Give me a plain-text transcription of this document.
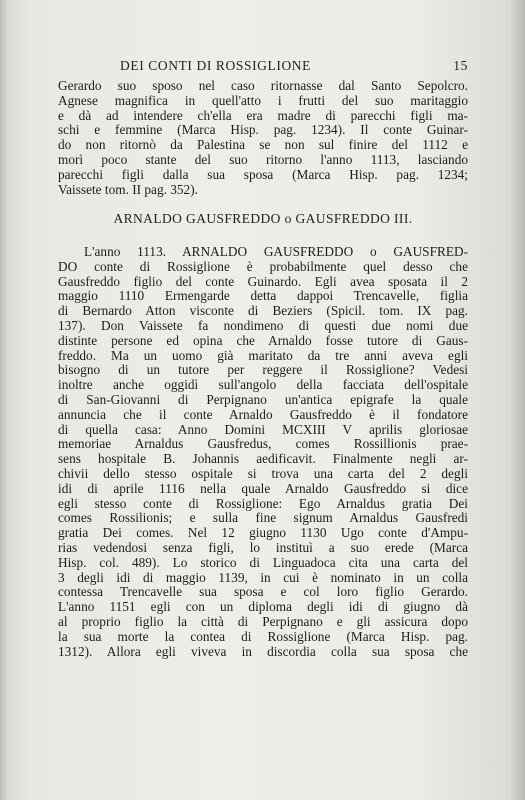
DEI CONTI DI ROSSIGLIONE	15

Gerardo suo sposo nel caso ritornasse dal Santo Sepolcro.
Agnese magnifica in quell'atto i frutti del suo maritaggio
e dà ad intendere ch'ella era madre di parecchi figli ma-
schi e femmine (Marca Hisp. pag. 1234). Il conte Guinar-
do non ritornò da Palestina se non sul finire del 1112 e
morì poco stante del suo ritorno l'anno 1113, lasciando
parecchi figli dalla sua sposa (Marca Hisp. pag. 1234;
Vaissete tom. II pag. 352).

ARNALDO GAUSFREDDO o GAUSFREDDO III.

L'anno 1113. ARNALDO GAUSFREDDO o GAUSFRED-
DO conte di Rossiglione è probabilmente quel desso che
Gausfreddo figlio del conte Guinardo. Egli avea sposata il 2
maggio 1110 Ermengarde detta dappoi Trencavelle, figlia
di Bernardo Atton visconte di Beziers (Spicil. tom. IX pag.
137). Don Vaissete fa nondimeno di questi due nomi due
distinte persone ed opina che Arnaldo fosse tutore di Gaus-
freddo. Ma un uomo già maritato da tre anni aveva egli
bisogno di un tutore per reggere il Rossiglione? Vedesi
inoltre anche oggidì sull'angolo della facciata dell'ospitale
di San-Giovanni di Perpignano un'antica epigrafe la quale
annuncia che il conte Arnaldo Gausfreddo è il fondatore
di quella casa: Anno Domini MCXIII V aprilis gloriosae
memoriae Arnaldus Gausfredus, comes Rossillionis prae-
sens hospitale B. Johannis aedificavit. Finalmente negli ar-
chivii dello stesso ospitale si trova una carta del 2 degli
idi di aprile 1116 nella quale Arnaldo Gausfreddo si dice
egli stesso conte di Rossiglione: Ego Arnaldus gratia Dei
comes Rossilionis; e sulla fine signum Arnaldus Gausfredi
gratia Dei comes. Nel 12 giugno 1130 Ugo conte d'Ampu-
rias vedendosi senza figli, lo instituì a suo erede (Marca
Hisp. col. 489). Lo storico di Linguadoca cita una carta del
3 degli idi di maggio 1139, in cui è nominato in un colla
contessa Trencavelle sua sposa e col loro figlio Gerardo.
L'anno 1151 egli con un diploma degli idi di giugno dà
al proprio figlio la città di Perpignano e gli assicura dopo
la sua morte la contea di Rossiglione (Marca Hisp. pag.
1312). Allora egli viveva in discordia colla sua sposa che
